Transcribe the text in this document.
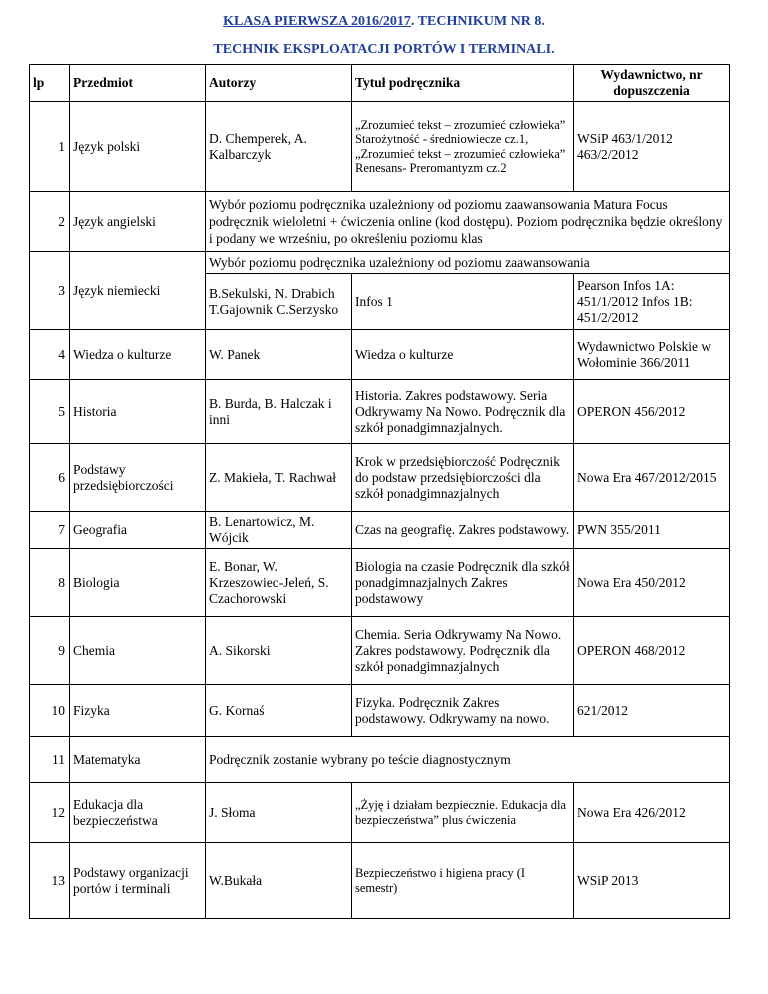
KLASA PIERWSZA 2016/2017. TECHNIKUM NR 8.
TECHNIK EKSPLOATACJI PORTÓW I TERMINALI.
lp	Przedmiot	Autorzy	Tytuł podręcznika	Wydawnictwo, nr dopuszczenia
1	Język polski	D. Chemperek, A. Kalbarczyk	„Zrozumieć tekst – zrozumieć człowieka” Starożytność - średniowiecze cz.1, „Zrozumieć tekst – zrozumieć człowieka” Renesans- Preromantyzm cz.2	WSiP 463/1/2012 463/2/2012
2	Język angielski	Wybór poziomu podręcznika uzależniony od poziomu zaawansowania Matura Focus podręcznik wieloletni + ćwiczenia online (kod dostępu). Poziom podręcznika będzie określony i podany we wrześniu, po określeniu poziomu klas		
3	Język niemiecki	Wybór poziomu podręcznika uzależniony od poziomu zaawansowania		
		B.Sekulski, N. Drabich T.Gajownik C.Serzysko	Infos 1	Pearson Infos 1A: 451/1/2012 Infos 1B: 451/2/2012
4	Wiedza o kulturze	W. Panek	Wiedza o kulturze	Wydawnictwo Polskie w Wołominie 366/2011
5	Historia	B. Burda, B. Halczak i inni	Historia. Zakres podstawowy. Seria Odkrywamy Na Nowo. Podręcznik dla szkół ponadgimnazjalnych.	OPERON 456/2012
6	Podstawy przedsiębiorczości	Z. Makieła, T. Rachwał	Krok w przedsiębiorczość Podręcznik do podstaw przedsiębiorczości dla szkół ponadgimnazjalnych	Nowa Era 467/2012/2015
7	Geografia	B. Lenartowicz, M. Wójcik	Czas na geografię. Zakres podstawowy.	PWN 355/2011
8	Biologia	E. Bonar, W. Krzeszowiec-Jeleń, S. Czachorowski	Biologia na czasie Podręcznik dla szkół ponadgimnazjalnych Zakres podstawowy	Nowa Era 450/2012
9	Chemia	A. Sikorski	Chemia. Seria Odkrywamy Na Nowo. Zakres podstawowy. Podręcznik dla szkół ponadgimnazjalnych	OPERON 468/2012
10	Fizyka	G. Kornaś	Fizyka. Podręcznik Zakres podstawowy. Odkrywamy na nowo.	621/2012
11	Matematyka	Podręcznik zostanie wybrany po teście diagnostycznym		
12	Edukacja dla bezpieczeństwa	J. Słoma	„Żyję i działam bezpiecznie. Edukacja dla bezpieczeństwa” plus ćwiczenia	Nowa Era 426/2012
13	Podstawy organizacji portów i terminali	W.Bukała	Bezpieczeństwo i higiena pracy (I semestr)	WSiP 2013
